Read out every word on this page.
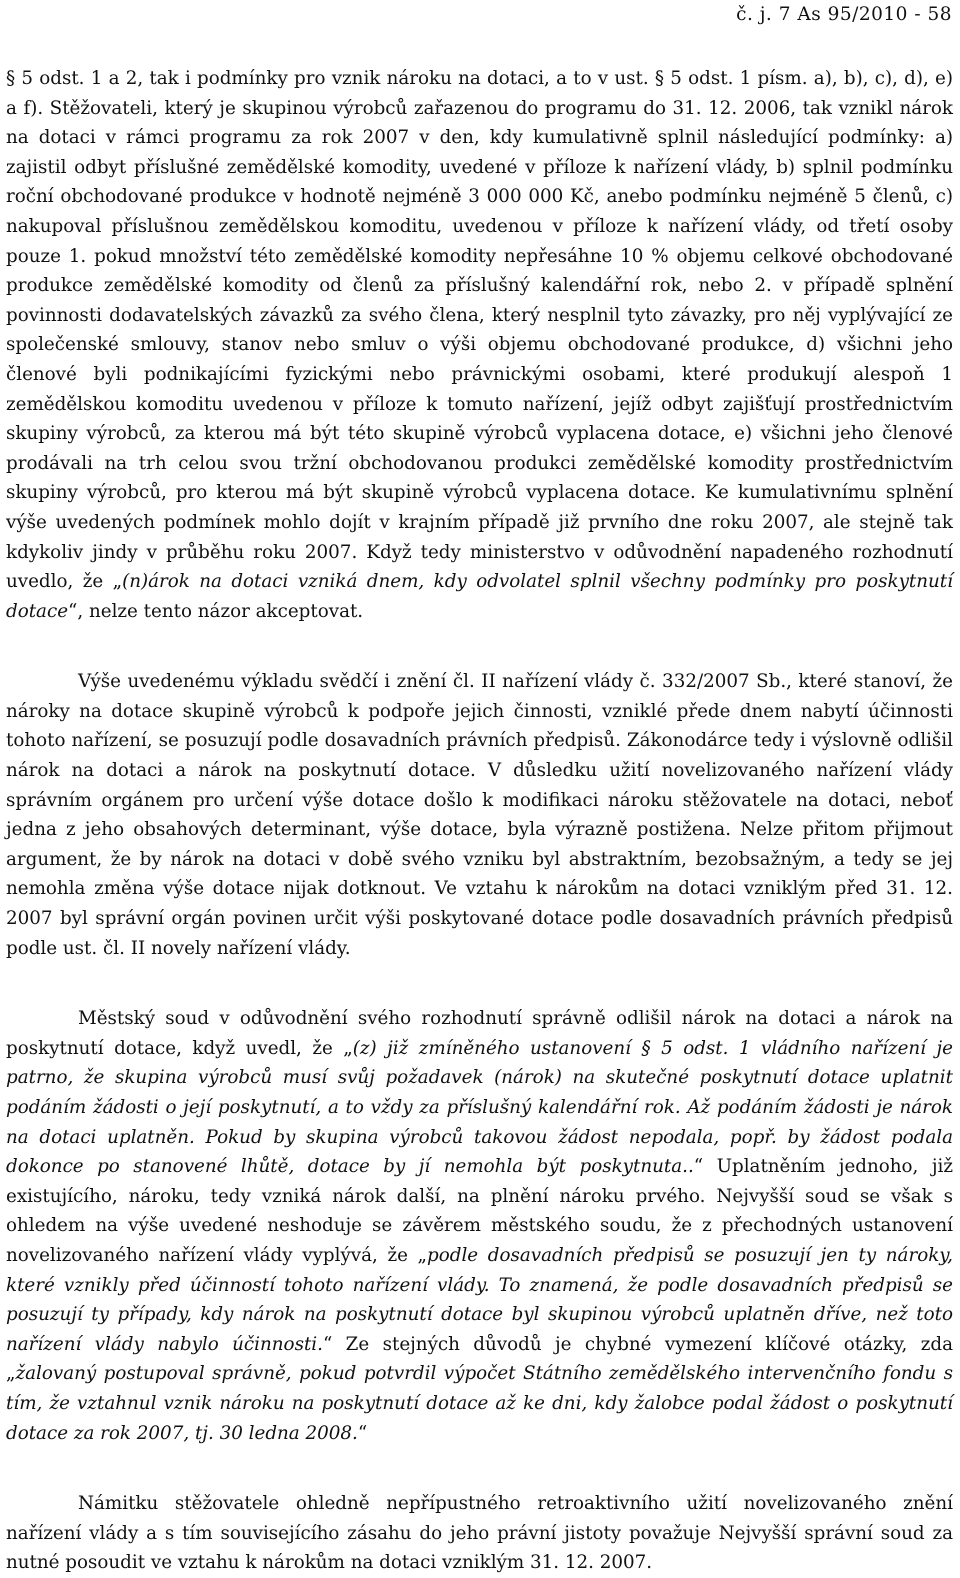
č. j. 7 As 95/2010 - 58

§ 5 odst. 1 a 2, tak i podmínky pro vznik nároku na dotaci, a to v ust. § 5 odst. 1 písm. a), b), c), d), e) a f). Stěžovateli, který je skupinou výrobců zařazenou do programu do 31. 12. 2006, tak vznikl nárok na dotaci v rámci programu za rok 2007 v den, kdy kumulativně splnil následující podmínky: a) zajistil odbyt příslušné zemědělské komodity, uvedené v příloze k nařízení vlády, b) splnil podmínku roční obchodované produkce v hodnotě nejméně 3 000 000 Kč, anebo podmínku nejméně 5 členů, c) nakupoval příslušnou zemědělskou komoditu, uvedenou v příloze k nařízení vlády, od třetí osoby pouze 1. pokud množství této zemědělské komodity nepřesáhne 10 % objemu celkové obchodované produkce zemědělské komodity od členů za příslušný kalendářní rok, nebo 2. v případě splnění povinnosti dodavatelských závazků za svého člena, který nesplnil tyto závazky, pro něj vyplývající ze společenské smlouvy, stanov nebo smluv o výši objemu obchodované produkce, d) všichni jeho členové byli podnikajícími fyzickými nebo právnickými osobami, které produkují alespoň 1 zemědělskou komoditu uvedenou v příloze k tomuto nařízení, jejíž odbyt zajišťují prostřednictvím skupiny výrobců, za kterou má být této skupině výrobců vyplacena dotace, e) všichni jeho členové prodávali na trh celou svou tržní obchodovanou produkci zemědělské komodity prostřednictvím skupiny výrobců, pro kterou má být skupině výrobců vyplacena dotace. Ke kumulativnímu splnění výše uvedených podmínek mohlo dojít v krajním případě již prvního dne roku 2007, ale stejně tak kdykoliv jindy v průběhu roku 2007. Když tedy ministerstvo v odůvodnění napadeného rozhodnutí uvedlo, že „(n)árok na dotaci vzniká dnem, kdy odvolatel splnil všechny podmínky pro poskytnutí dotace“, nelze tento názor akceptovat.

Výše uvedenému výkladu svědčí i znění čl. II nařízení vlády č. 332/2007 Sb., které stanoví, že nároky na dotace skupině výrobců k podpoře jejich činnosti, vzniklé přede dnem nabytí účinnosti tohoto nařízení, se posuzují podle dosavadních právních předpisů. Zákonodárce tedy i výslovně odlišil nárok na dotaci a nárok na poskytnutí dotace. V důsledku užití novelizovaného nařízení vlády správním orgánem pro určení výše dotace došlo k modifikaci nároku stěžovatele na dotaci, neboť jedna z jeho obsahových determinant, výše dotace, byla výrazně postižena. Nelze přitom přijmout argument, že by nárok na dotaci v době svého vzniku byl abstraktním, bezobsažným, a tedy se jej nemohla změna výše dotace nijak dotknout. Ve vztahu k nárokům na dotaci vzniklým před 31. 12. 2007 byl správní orgán povinen určit výši poskytované dotace podle dosavadních právních předpisů podle ust. čl. II novely nařízení vlády.

Městský soud v odůvodnění svého rozhodnutí správně odlišil nárok na dotaci a nárok na poskytnutí dotace, když uvedl, že „(z) již zmíněného ustanovení § 5 odst. 1 vládního nařízení je patrno, že skupina výrobců musí svůj požadavek (nárok) na skutečné poskytnutí dotace uplatnit podáním žádosti o její poskytnutí, a to vždy za příslušný kalendářní rok. Až podáním žádosti je nárok na dotaci uplatněn. Pokud by skupina výrobců takovou žádost nepodala, popř. by žádost podala dokonce po stanovené lhůtě, dotace by jí nemohla být poskytnuta..“ Uplatněním jednoho, již existujícího, nároku, tedy vzniká nárok další, na plnění nároku prvého. Nejvyšší soud se však s ohledem na výše uvedené neshoduje se závěrem městského soudu, že z přechodných ustanovení novelizovaného nařízení vlády vyplývá, že „podle dosavadních předpisů se posuzují jen ty nároky, které vznikly před účinností tohoto nařízení vlády. To znamená, že podle dosavadních předpisů se posuzují ty případy, kdy nárok na poskytnutí dotace byl skupinou výrobců uplatněn dříve, než toto nařízení vlády nabylo účinnosti.“ Ze stejných důvodů je chybné vymezení klíčové otázky, zda „žalovaný postupoval správně, pokud potvrdil výpočet Státního zemědělského intervenčního fondu s tím, že vztahnul vznik nároku na poskytnutí dotace až ke dni, kdy žalobce podal žádost o poskytnutí dotace za rok 2007, tj. 30 ledna 2008.“

Námitku stěžovatele ohledně nepřípustného retroaktivního užití novelizovaného znění nařízení vlády a s tím souvisejícího zásahu do jeho právní jistoty považuje Nejvyšší správní soud za nutné posoudit ve vztahu k nárokům na dotaci vzniklým 31. 12. 2007.
